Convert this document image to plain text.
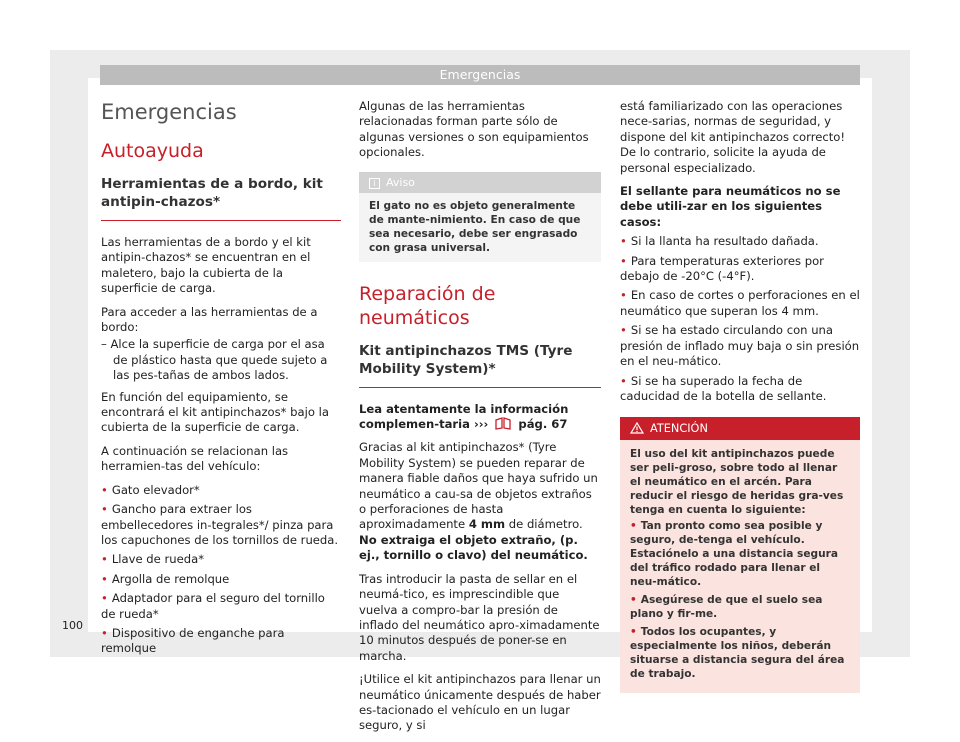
Emergencias
Emergencias
Autoayuda
Herramientas de a bordo, kit antipin-chazos*

Las herramientas de a bordo y el kit antipin-chazos* se encuentran en el maletero, bajo la cubierta de la superficie de carga.

Para acceder a las herramientas de a bordo:

– Alce la superficie de carga por el asa de plástico hasta que quede sujeto a las pes-tañas de ambos lados.

En función del equipamiento, se encontrará el kit antipinchazos* bajo la cubierta de la superficie de carga.

A continuación se relacionan las herramien-tas del vehículo:

• Gato elevador*
• Gancho para extraer los embellecedores in-tegrales*/ pinza para los capuchones de los tornillos de rueda.
• Llave de rueda*
• Argolla de remolque
• Adaptador para el seguro del tornillo de rueda*
• Dispositivo de enganche para remolque

Algunas de las herramientas relacionadas forman parte sólo de algunas versiones o son equipamientos opcionales.

i Aviso
El gato no es objeto generalmente de mante-nimiento. En caso de que sea necesario, debe ser engrasado con grasa universal.
Reparación de neumáticos
Kit antipinchazos TMS (Tyre Mobility System)*

Lea atentamente la información complemen-taria ›››	pág. 67

Gracias al kit antipinchazos* (Tyre Mobility System) se pueden reparar de manera fiable daños que haya sufrido un neumático a cau-sa de objetos extraños o perforaciones de hasta aproximadamente 4 mm de diámetro. No extraiga el objeto extraño, (p. ej., tornillo o clavo) del neumático.

Tras introducir la pasta de sellar en el neumá-tico, es imprescindible que vuelva a compro-bar la presión de inflado del neumático apro-ximadamente 10 minutos después de poner-se en marcha.

¡Utilice el kit antipinchazos para llenar un neumático únicamente después de haber es-tacionado el vehículo en un lugar seguro, y si

está familiarizado con las operaciones nece-sarias, normas de seguridad, y dispone del kit antipinchazos correcto! De lo contrario, solicite la ayuda de personal especializado.

El sellante para neumáticos no se debe utili-zar en los siguientes casos:

• Si la llanta ha resultado dañada.
• Para temperaturas exteriores por debajo de -20°C (-4°F).
• En caso de cortes o perforaciones en el neumático que superan los 4 mm.
• Si se ha estado circulando con una presión de inflado muy baja o sin presión en el neu-mático.
• Si se ha superado la fecha de caducidad de la botella de sellante.
ATENCIÓN

El uso del kit antipinchazos puede ser peli-groso, sobre todo al llenar el neumático en el arcén. Para reducir el riesgo de heridas gra-ves tenga en cuenta lo siguiente:

• Tan pronto como sea posible y seguro, de-tenga el vehículo. Estaciónelo a una distancia segura del tráfico rodado para llenar el neu-mático.
• Asegúrese de que el suelo sea plano y fir-me.
• Todos los ocupantes, y especialmente los niños, deberán situarse a distancia segura del área de trabajo.
100
